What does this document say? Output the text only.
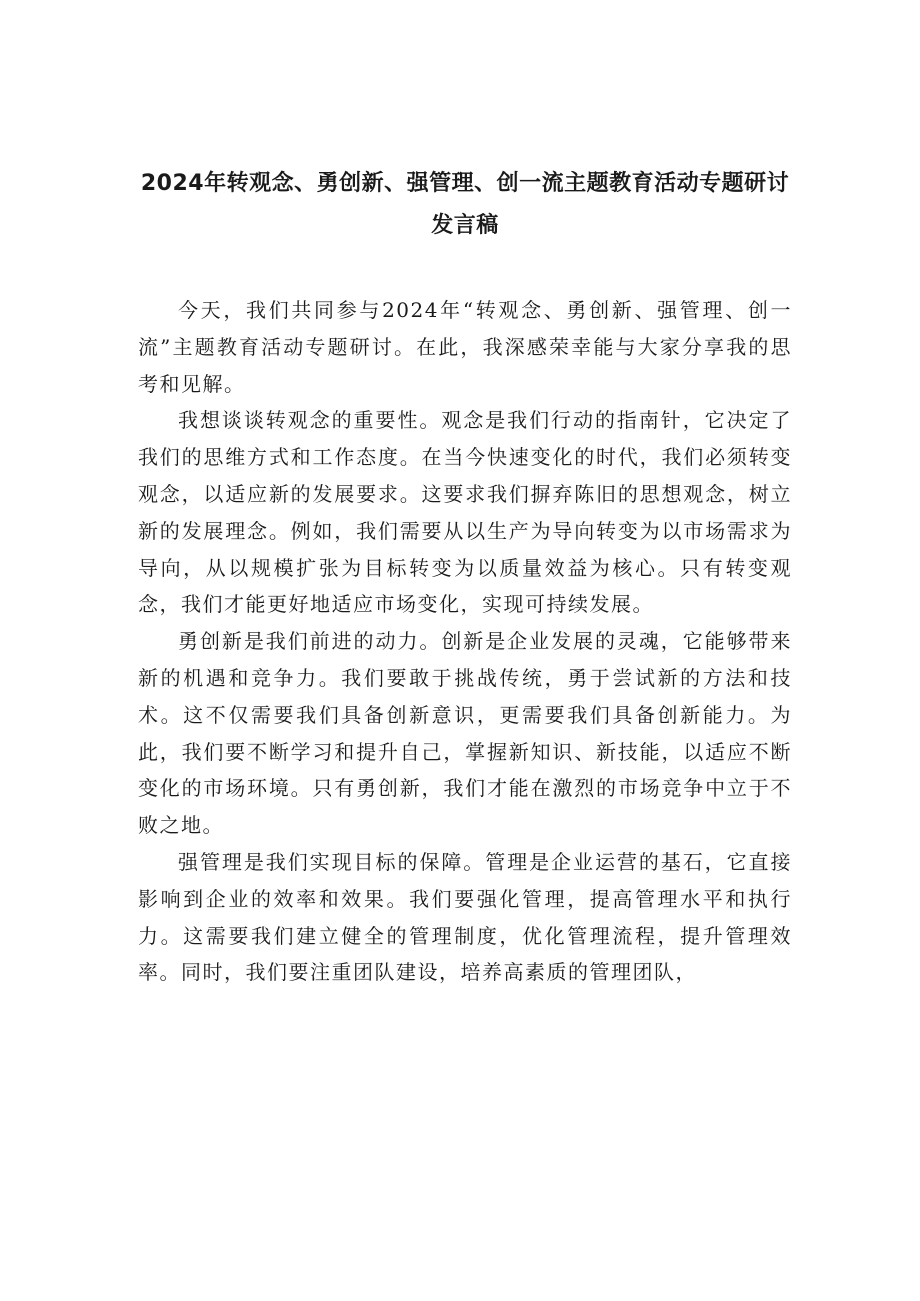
2024年转观念、勇创新、强管理、创一流主题教育活动专题研讨发言稿

今天，我们共同参与2024年“转观念、勇创新、强管理、创一流”主题教育活动专题研讨。在此，我深感荣幸能与大家分享我的思考和见解。

我想谈谈转观念的重要性。观念是我们行动的指南针，它决定了我们的思维方式和工作态度。在当今快速变化的时代，我们必须转变观念，以适应新的发展要求。这要求我们摒弃陈旧的思想观念，树立新的发展理念。例如，我们需要从以生产为导向转变为以市场需求为导向，从以规模扩张为目标转变为以质量效益为核心。只有转变观念，我们才能更好地适应市场变化，实现可持续发展。

勇创新是我们前进的动力。创新是企业发展的灵魂，它能够带来新的机遇和竞争力。我们要敢于挑战传统，勇于尝试新的方法和技术。这不仅需要我们具备创新意识，更需要我们具备创新能力。为此，我们要不断学习和提升自己，掌握新知识、新技能，以适应不断变化的市场环境。只有勇创新，我们才能在激烈的市场竞争中立于不败之地。

强管理是我们实现目标的保障。管理是企业运营的基石，它直接影响到企业的效率和效果。我们要强化管理，提高管理水平和执行力。这需要我们建立健全的管理制度，优化管理流程，提升管理效率。同时，我们要注重团队建设，培养高素质的管理团队，
